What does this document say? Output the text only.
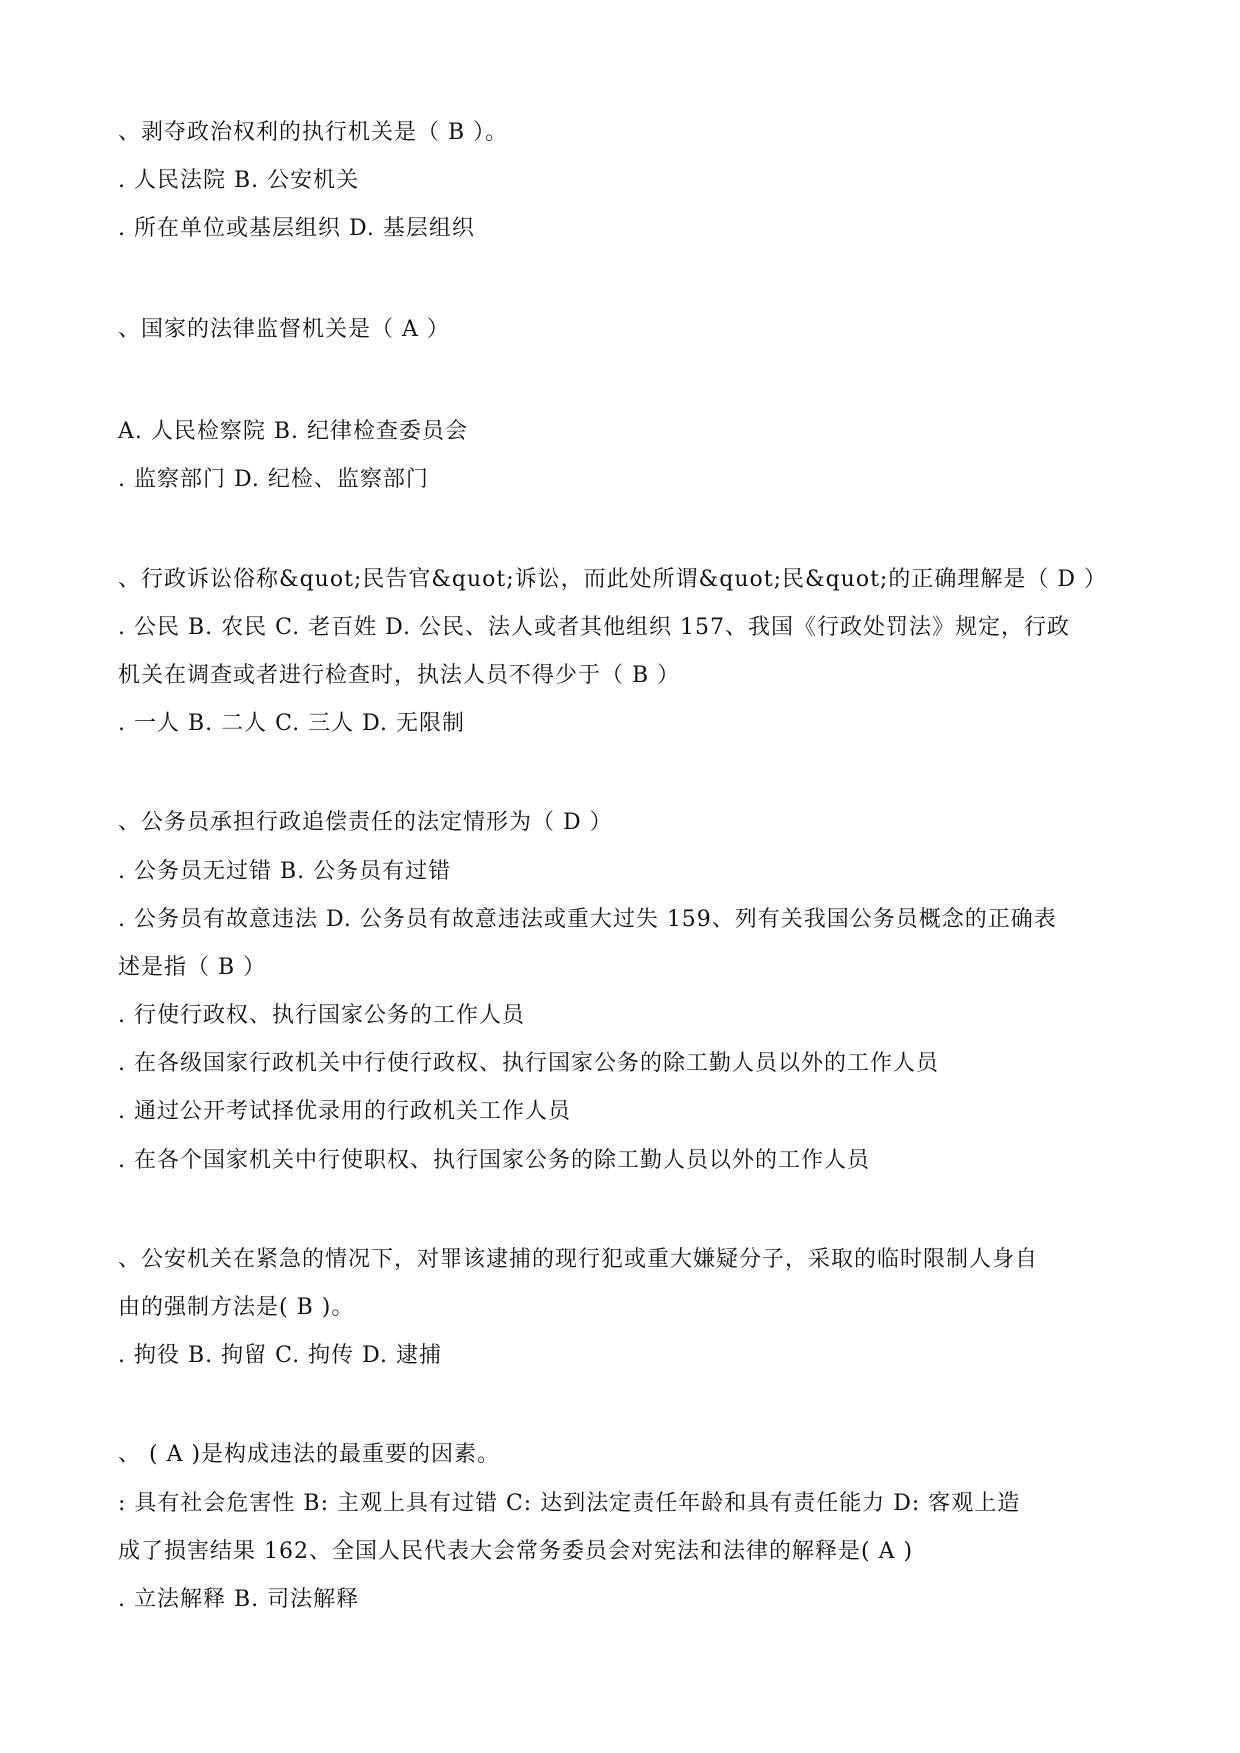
、剥夺政治权利的执行机关是（ B ）。

. 人民法院 B. 公安机关

. 所在单位或基层组织 D. 基层组织

、国家的法律监督机关是（ A ）

A. 人民检察院 B. 纪律检查委员会

. 监察部门 D. 纪检、监察部门

、行政诉讼俗称&quot;民告官&quot;诉讼，而此处所谓&quot;民&quot;的正确理解是（ D ）

. 公民 B. 农民 C. 老百姓 D. 公民、法人或者其他组织 157、我国《行政处罚法》规定，行政

机关在调查或者进行检查时，执法人员不得少于（ B ）

. 一人 B. 二人 C. 三人 D. 无限制

、公务员承担行政追偿责任的法定情形为（ D ）

. 公务员无过错 B. 公务员有过错

. 公务员有故意违法 D. 公务员有故意违法或重大过失 159、列有关我国公务员概念的正确表

述是指（ B ）

. 行使行政权、执行国家公务的工作人员

. 在各级国家行政机关中行使行政权、执行国家公务的除工勤人员以外的工作人员

. 通过公开考试择优录用的行政机关工作人员

. 在各个国家机关中行使职权、执行国家公务的除工勤人员以外的工作人员

、公安机关在紧急的情况下，对罪该逮捕的现行犯或重大嫌疑分子，采取的临时限制人身自

由的强制方法是( B )。

. 拘役 B. 拘留 C. 拘传 D. 逮捕

、 ( A )是构成违法的最重要的因素。

: 具有社会危害性 B: 主观上具有过错 C: 达到法定责任年龄和具有责任能力 D: 客观上造

成了损害结果 162、全国人民代表大会常务委员会对宪法和法律的解释是( A )

. 立法解释 B. 司法解释
